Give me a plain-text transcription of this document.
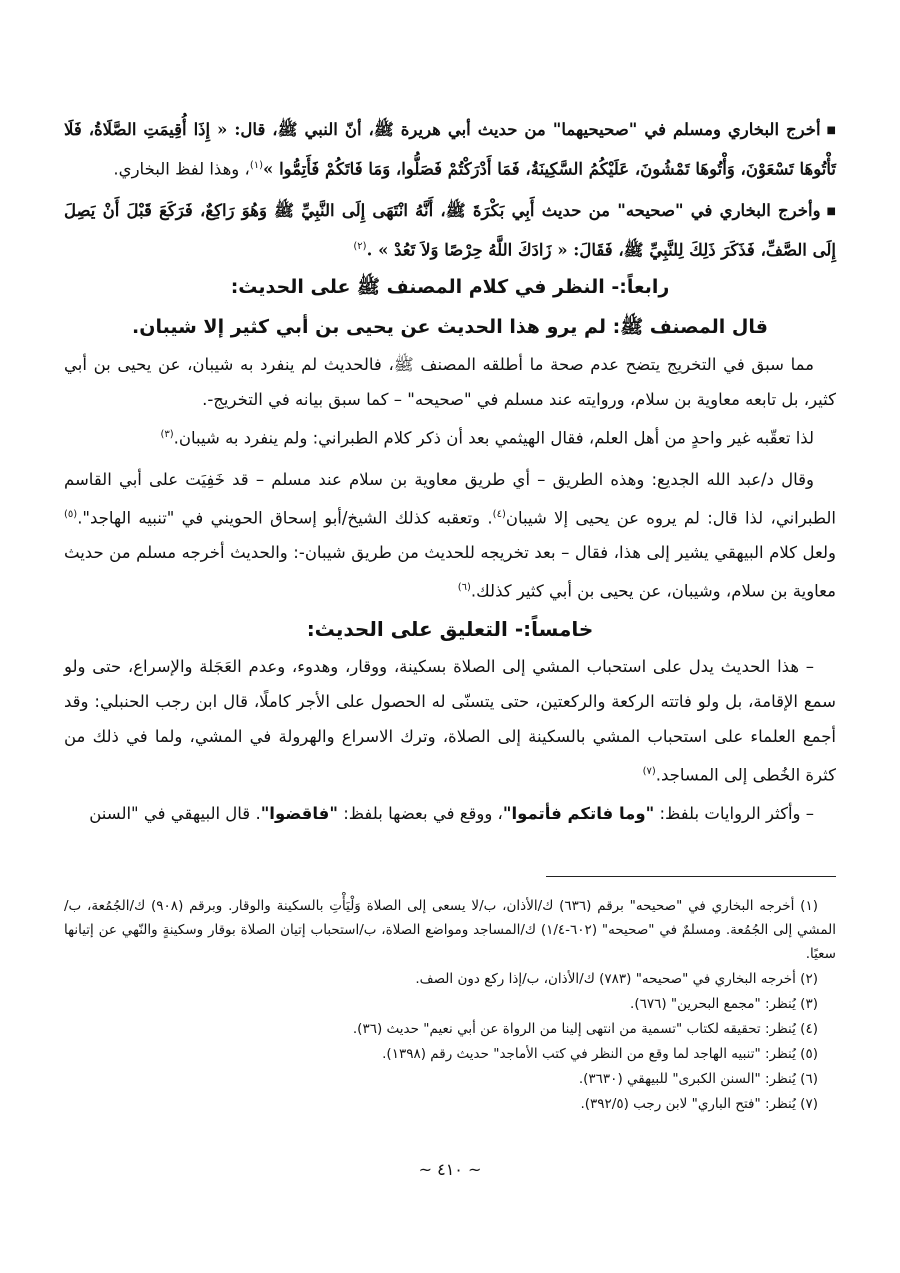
■أخرج البخاري ومسلم في "صحيحيهما" من حديث أبي هريرة ﷺ، أنّ النبي ﷺ، قال: « إِذَا أُقِيمَتِ الصَّلَاةُ، فَلَا تَأْتُوهَا تَسْعَوْنَ، وَأْتُوهَا تَمْشُونَ، عَلَيْكُمُ السَّكِينَةُ، فَمَا أَدْرَكْتُمْ فَصَلُّوا، وَمَا فَاتَكُمْ فَأَتِمُّوا »$^{(١)}$، وهذا لفظ البخاري.

■وأخرج البخاري في "صحيحه" من حديث أَبِي بَكْرَةَ ﷺ، أَنَّهُ انْتَهَى إِلَى النَّبِيِّ ﷺ وَهُوَ رَاكِعٌ، فَرَكَعَ قَبْلَ أَنْ يَصِلَ إِلَى الصَّفِّ، فَذَكَرَ ذَلِكَ لِلنَّبِيِّ ﷺ، فَقَالَ: « زَادَكَ اللَّهُ حِرْصًا وَلاَ تَعُدْ » .$^{(٢)}$

رابعاً:- النظر في كلام المصنف ﷺ على الحديث:

قال المصنف ﷺ: لم يرو هذا الحديث عن يحيى بن أبي كثير إلا شيبان.

مما سبق في التخريج يتضح عدم صحة ما أطلقه المصنف ﷺ، فالحديث لم ينفرد به شيبان، عن يحيى بن أبي كثير، بل تابعه معاوية بن سلام، وروايته عند مسلم في "صحيحه" – كما سبق بيانه في التخريج-.

لذا تعقّبه غير واحدٍ من أهل العلم، فقال الهيثمي بعد أن ذكر كلام الطبراني: ولم ينفرد به شيبان.$^{(٣)}$

وقال د/عبد الله الجديع: وهذه الطريق – أي طريق معاوية بن سلام عند مسلم – قد خَفِيَت على أبي القاسم الطبراني، لذا قال: لم يروه عن يحيى إلا شيبان$^{(٤)}$. وتعقبه كذلك الشيخ/أبو إسحاق الحويني في "تنبيه الهاجد".$^{(٥)}$ ولعل كلام البيهقي يشير إلى هذا، فقال – بعد تخريجه للحديث من طريق شيبان-: والحديث أخرجه مسلم من حديث معاوية بن سلام، وشيبان، عن يحيى بن أبي كثير كذلك.$^{(٦)}$

خامساً:- التعليق على الحديث:

– هذا الحديث يدل على استحباب المشي إلى الصلاة بسكينة، ووقار، وهدوء، وعدم العَجَلة والإسراع، حتى ولو سمع الإقامة، بل ولو فاتته الركعة والركعتين، حتى يتسنّى له الحصول على الأجر كاملًا، قال ابن رجب الحنبلي: وقد أجمع العلماء على استحباب المشي بالسكينة إلى الصلاة، وترك الاسراع والهرولة في المشي، ولما في ذلك من كثرة الخُطى إلى المساجد.$^{(٧)}$

– وأكثر الروايات بلفظ: "وما فاتكم فأتموا"، ووقع في بعضها بلفظ: "فاقضوا". قال البيهقي في "السنن

(١) أخرجه البخاري في "صحيحه" برقم (٦٣٦) ك/الأذان، ب/لا يسعى إلى الصلاة وَلْيَأْتِ بالسكينة والوقار. وبرقم (٩٠٨) ك/الجُمُعة، ب/المشي إلى الجُمُعة. ومسلمٌ في "صحيحه" (٦٠٢-١/٤) ك/المساجد ومواضع الصلاة، ب/استحباب إتيان الصلاة بوقار وسكينةٍ والنّهي عن إتيانها سعيًا.

(٢) أخرجه البخاري في "صحيحه" (٧٨٣) ك/الأذان، ب/إذا ركع دون الصف.

(٣) يُنظر: "مجمع البحرين" (٦٧٦).

(٤) يُنظر: تحقيقه لكتاب "تسمية من انتهى إلينا من الرواة عن أبي نعيم" حديث (٣٦).

(٥) يُنظر: "تنبيه الهاجد لما وقع من النظر في كتب الأماجد" حديث رقم (١٣٩٨).

(٦) يُنظر: "السنن الكبرى" للبيهقي (٣٦٣٠).

(٧) يُنظر: "فتح الباري" لابن رجب (٣٩٢/٥).

~ ٤١٠ ~
